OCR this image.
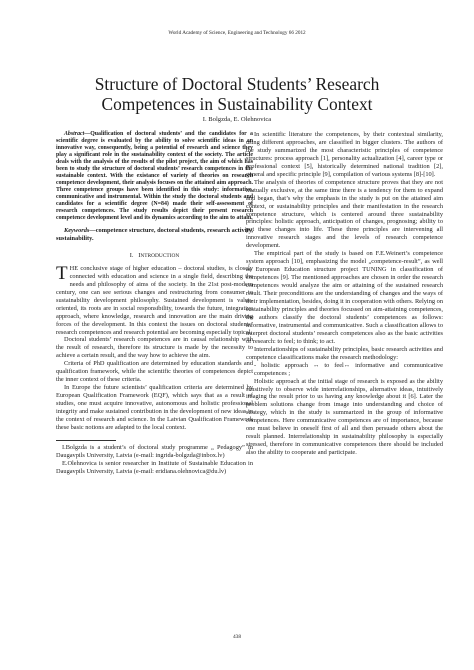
World Academy of Science, Engineering and Technology 66 2012
Structure of Doctoral Students’ Research
Competences in Sustainability Context
I. Bolgzda, E. Olehnovica

Abstract—Qualification of doctoral students’ and the candidates for a scientific degree is evaluated by the ability to solve scientific ideas in an innovative way, consequently, being a potential of research and science they play a significant role in the sustainability context of the society. The article deals with the analysis of the results of the pilot project, the aim of which has been to study the structure of doctoral students’ research competences in the sustainable context. With the existance of variety of theories on research competence development, their analysis focuses on the attained aim approach. Three competence groups have been identified in this study: informative, communicative and instrumental. Within the study the doctoral students and candidates for a scientific degree (N=84) made their self-assessment of research competences. The study results depict their present research competence development level and its dynamics according to the aim to attain.

Keywords—competence structure, doctoral students, research activity, sustainability.

I. INTRODUCTION

THE conclusive stage of higher education – doctoral studies, is closely connected with education and science in a single field, describing the needs and philosophy of aims of the society. In the 21st post-modern century, one can see serious changes and restructuring from consumer to sustainability development philosophy. Sustained development is value-oriented, its roots are in social responsibility, towards the future, integrative approach, where knowledge, research and innovation are the main driving forces of the development. In this context the issues on doctoral students’ research competences and research potential are becoming especially topical.

Doctoral students’ research competences are in causal relationship with the result of research, therefore its structure is made by the necessity to achieve a certain result, and the way how to achieve the aim.

Criteria of PhD qualification are determined by education standards and qualification framework, while the scientific theories of competences depict the inner context of these criteria.

In Europe the future scientists’ qualification criteria are determined by European Qualification Framework (EQF), which says that as a result of studies, one must acquire innovative, autonomous and holistic professional integrity and make sustained contribution in the development of new ideas in the context of research and science. In the Latvian Qualification Framework these basic notions are adapted to the local context.

I.Bolgzda is a student’s of doctoral study programme „ Pedagogy” in Daugavpils University, Latvia (e-mail: ingrida-bolgzda@inbox.lv)

E.Olehnovica is senior researcher in Institute of Sustainable Education in Daugavpils University, Latvia (e-mail: eridiana.olehnovica@du.lv)

In scientific literature the competences, by their contextual similarity, using different approaches, are classified in bigger clusters. The authors of the study summarized the most characteristic principles of competence structures: process approach [1], personality actualization [4], career type or professional context [5], historically determined national tradition [2], general and specific principle [9], compilation of various systems [8]-[10].

The analysis of theories of competence structure proves that they are not mutually exclusive, at the same time there is a tendency for them to expand and began, that’s why the emphasis in the study is put on the attained aim context, or sustainability principles and their manifestation in the research competence structure, which is centered around three sustainability principles: holistic approach, anticipation of changes, prognosing; ability to put these changes into life. These three principles are intervening all innovative research stages and the levels of research competence development.

The empirical part of the study is based on F.E.Weinert’s competence system approach [10], emphasizing the model „competence-result”, as well as European Education structure project TUNING in classification of competences [9]. The mentioned approaches are chosen in order the research competences would analyze the aim or attaining of the sustained research result. Their preconditions are the understanding of changes and the ways of their implementation, besides, doing it in cooperation with others. Relying on sustainability principles and theories focussed on aim-attaining competences, the authors classify the doctoral students’ competences as follows: informative, instrumental and communicative. Such a classification allows to interpret doctoral students’ research competences also as the basic activities of research: to feel; to think; to act.

Interrelationships of sustainability principles, basic research activities and competence classifications make the research methodology:

- holistic approach ↔ to feel↔ informative and communicative competences ;

Holistic approach at the initial stage of research is exposed as the ability sensitively to observe wide interrelationships, alternative ideas, intuitively imaging the result prior to us having any knowledge about it [6]. Later the problem solutions change from image into understanding and choice of strategy, which in the study is summarized in the group of informative competences. Here communicative competences are of importance, because one must believe in oneself first of all and then persuade others about the result planned. Interrelationship in sustainability philosophy is especially stressed, therefore in communicative competences there should be included also the ability to cooperate and participate.

438
